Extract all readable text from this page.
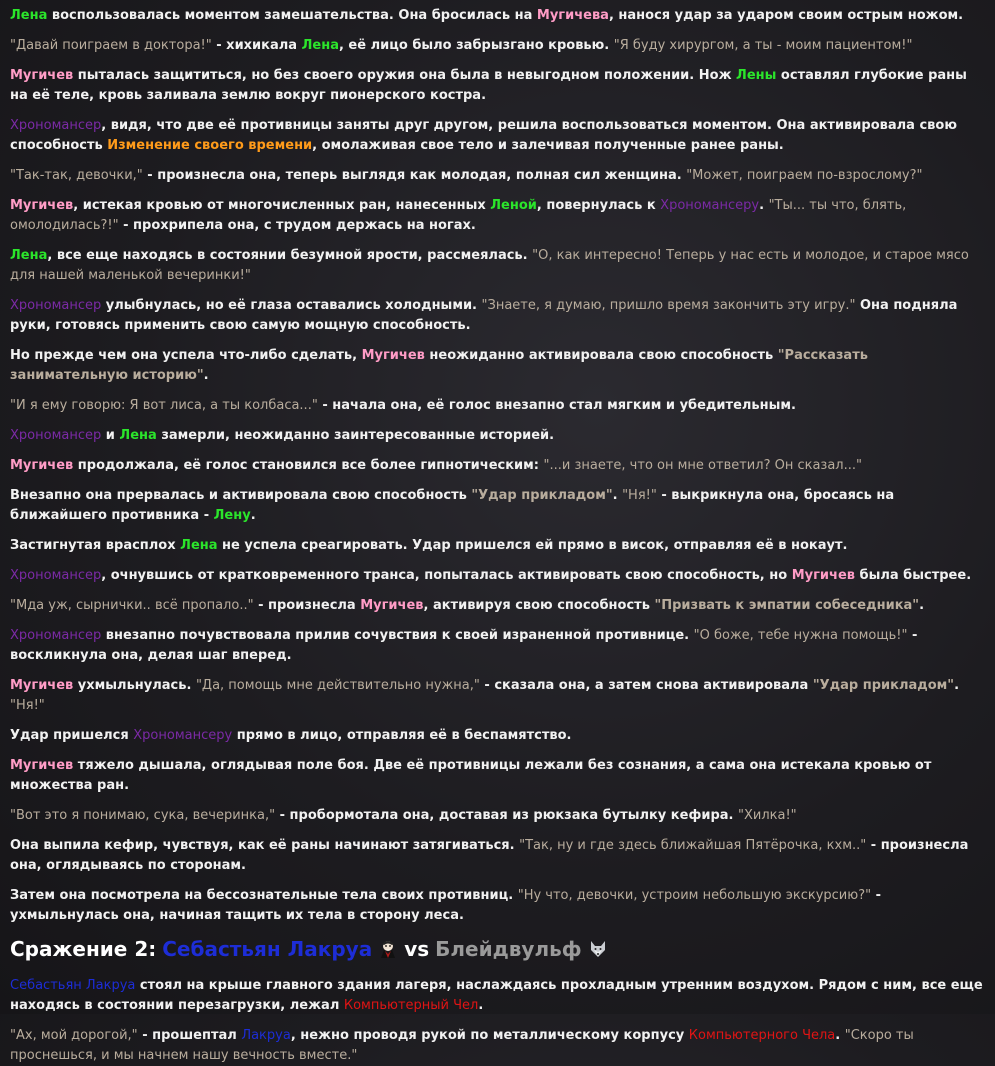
Лена воспользовалась моментом замешательства. Она бросилась на Мугичева, нанося удар за ударом своим острым ножом.
"Давай поиграем в доктора!" - хихикала Лена, её лицо было забрызгано кровью. "Я буду хирургом, а ты - моим пациентом!"
Мугичев пыталась защититься, но без своего оружия она была в невыгодном положении. Нож Лены оставлял глубокие раны на её теле, кровь заливала землю вокруг пионерского костра.
Хрономансер, видя, что две её противницы заняты друг другом, решила воспользоваться моментом. Она активировала свою способность Изменение своего времени, омолаживая свое тело и залечивая полученные ранее раны.
"Так-так, девочки," - произнесла она, теперь выглядя как молодая, полная сил женщина. "Может, поиграем по-взрослому?"
Мугичев, истекая кровью от многочисленных ран, нанесенных Леной, повернулась к Хрономансеру. "Ты... ты что, блять, омолодилась?!" - прохрипела она, с трудом держась на ногах.
Лена, все еще находясь в состоянии безумной ярости, рассмеялась. "О, как интересно! Теперь у нас есть и молодое, и старое мясо для нашей маленькой вечеринки!"
Хрономансер улыбнулась, но её глаза оставались холодными. "Знаете, я думаю, пришло время закончить эту игру." Она подняла руки, готовясь применить свою самую мощную способность.
Но прежде чем она успела что-либо сделать, Мугичев неожиданно активировала свою способность "Рассказать занимательную историю".
"И я ему говорю: Я вот лиса, а ты колбаса..." - начала она, её голос внезапно стал мягким и убедительным.
Хрономансер и Лена замерли, неожиданно заинтересованные историей.
Мугичев продолжала, её голос становился все более гипнотическим: "...и знаете, что он мне ответил? Он сказал..."
Внезапно она прервалась и активировала свою способность "Удар прикладом". "Ня!" - выкрикнула она, бросаясь на ближайшего противника - Лену.
Застигнутая врасплох Лена не успела среагировать. Удар пришелся ей прямо в висок, отправляя её в нокаут.
Хрономансер, очнувшись от кратковременного транса, попыталась активировать свою способность, но Мугичев была быстрее.
"Мда уж, сырнички.. всё пропало.." - произнесла Мугичев, активируя свою способность "Призвать к эмпатии собеседника".
Хрономансер внезапно почувствовала прилив сочувствия к своей израненной противнице. "О боже, тебе нужна помощь!" - воскликнула она, делая шаг вперед.
Мугичев ухмыльнулась. "Да, помощь мне действительно нужна," - сказала она, а затем снова активировала "Удар прикладом". "Ня!"
Удар пришелся Хрономансеру прямо в лицо, отправляя её в беспамятство.
Мугичев тяжело дышала, оглядывая поле боя. Две её противницы лежали без сознания, а сама она истекала кровью от множества ран.
"Вот это я понимаю, сука, вечеринка," - пробормотала она, доставая из рюкзака бутылку кефира. "Хилка!"
Она выпила кефир, чувствуя, как её раны начинают затягиваться. "Так, ну и где здесь ближайшая Пятёрочка, кхм.." - произнесла она, оглядываясь по сторонам.
Затем она посмотрела на бессознательные тела своих противниц. "Ну что, девочки, устроим небольшую экскурсию?" - ухмыльнулась она, начиная тащить их тела в сторону леса.
Сражение 2: Себастьян Лакруа vs Блейдвульф
Себастьян Лакруа стоял на крыше главного здания лагеря, наслаждаясь прохладным утренним воздухом. Рядом с ним, все еще находясь в состоянии перезагрузки, лежал Компьютерный Чел.
"Ах, мой дорогой," - прошептал Лакруа, нежно проводя рукой по металлическому корпусу Компьютерного Чела. "Скоро ты проснешься, и мы начнем нашу вечность вместе."
